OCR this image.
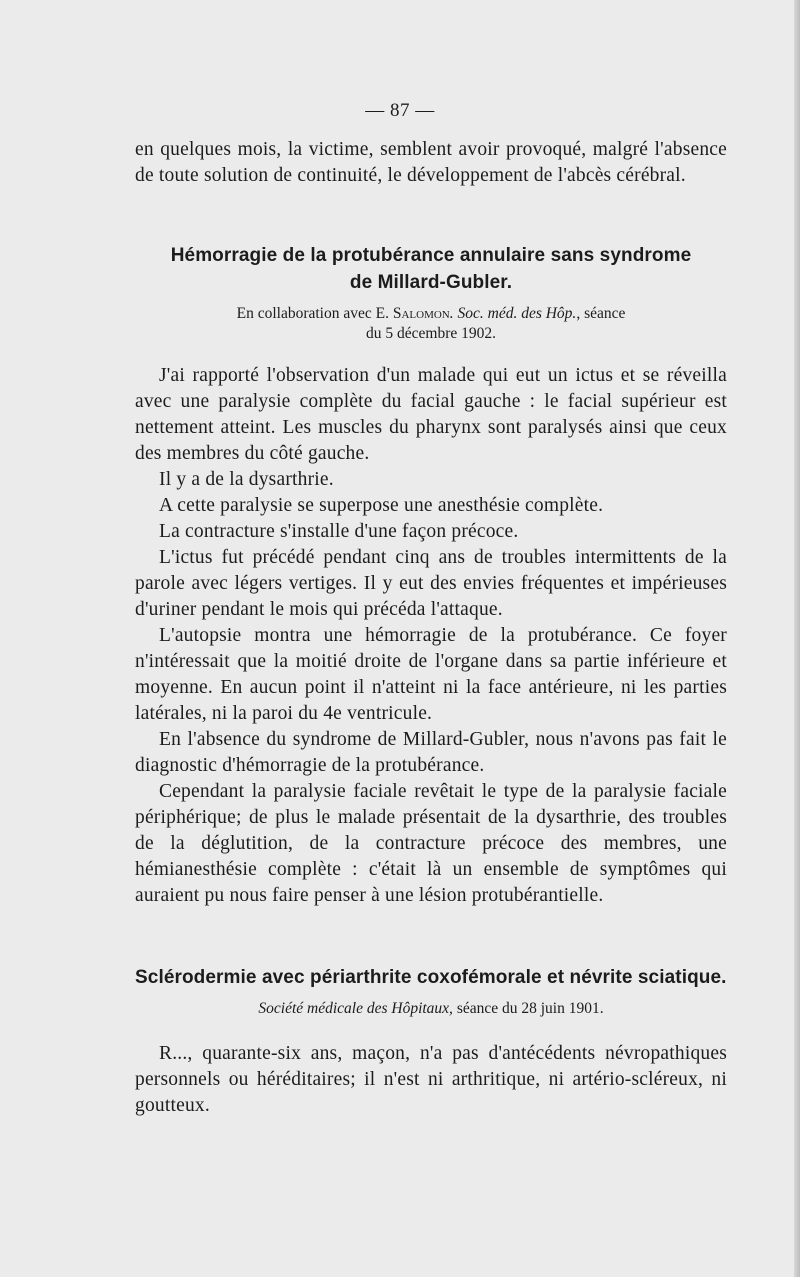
— 87 —

en quelques mois, la victime, semblent avoir provoqué, malgré l'absence de toute solution de continuité, le développement de l'abcès cérébral.

Hémorragie de la protubérance annulaire sans syndrome
de Millard-Gubler.
En collaboration avec E. Salomon. Soc. méd. des Hôp., séance
du 5 décembre 1902.

J'ai rapporté l'observation d'un malade qui eut un ictus et se réveilla avec une paralysie complète du facial gauche : le facial supérieur est nettement atteint. Les muscles du pharynx sont paralysés ainsi que ceux des membres du côté gauche.

Il y a de la dysarthrie.

A cette paralysie se superpose une anesthésie complète.

La contracture s'installe d'une façon précoce.

L'ictus fut précédé pendant cinq ans de troubles intermittents de la parole avec légers vertiges. Il y eut des envies fréquentes et impérieuses d'uriner pendant le mois qui précéda l'attaque.

L'autopsie montra une hémorragie de la protubérance. Ce foyer n'intéressait que la moitié droite de l'organe dans sa partie inférieure et moyenne. En aucun point il n'atteint ni la face antérieure, ni les parties latérales, ni la paroi du 4e ventricule.

En l'absence du syndrome de Millard-Gubler, nous n'avons pas fait le diagnostic d'hémorragie de la protubérance.

Cependant la paralysie faciale revêtait le type de la paralysie faciale périphérique; de plus le malade présentait de la dysarthrie, des troubles de la déglutition, de la contracture précoce des membres, une hémianesthésie complète : c'était là un ensemble de symptômes qui auraient pu nous faire penser à une lésion protubérantielle.

Sclérodermie avec périarthrite coxofémorale et névrite sciatique.
Société médicale des Hôpitaux, séance du 28 juin 1901.

R..., quarante-six ans, maçon, n'a pas d'antécédents névropathiques personnels ou héréditaires; il n'est ni arthritique, ni artério-scléreux, ni goutteux.
